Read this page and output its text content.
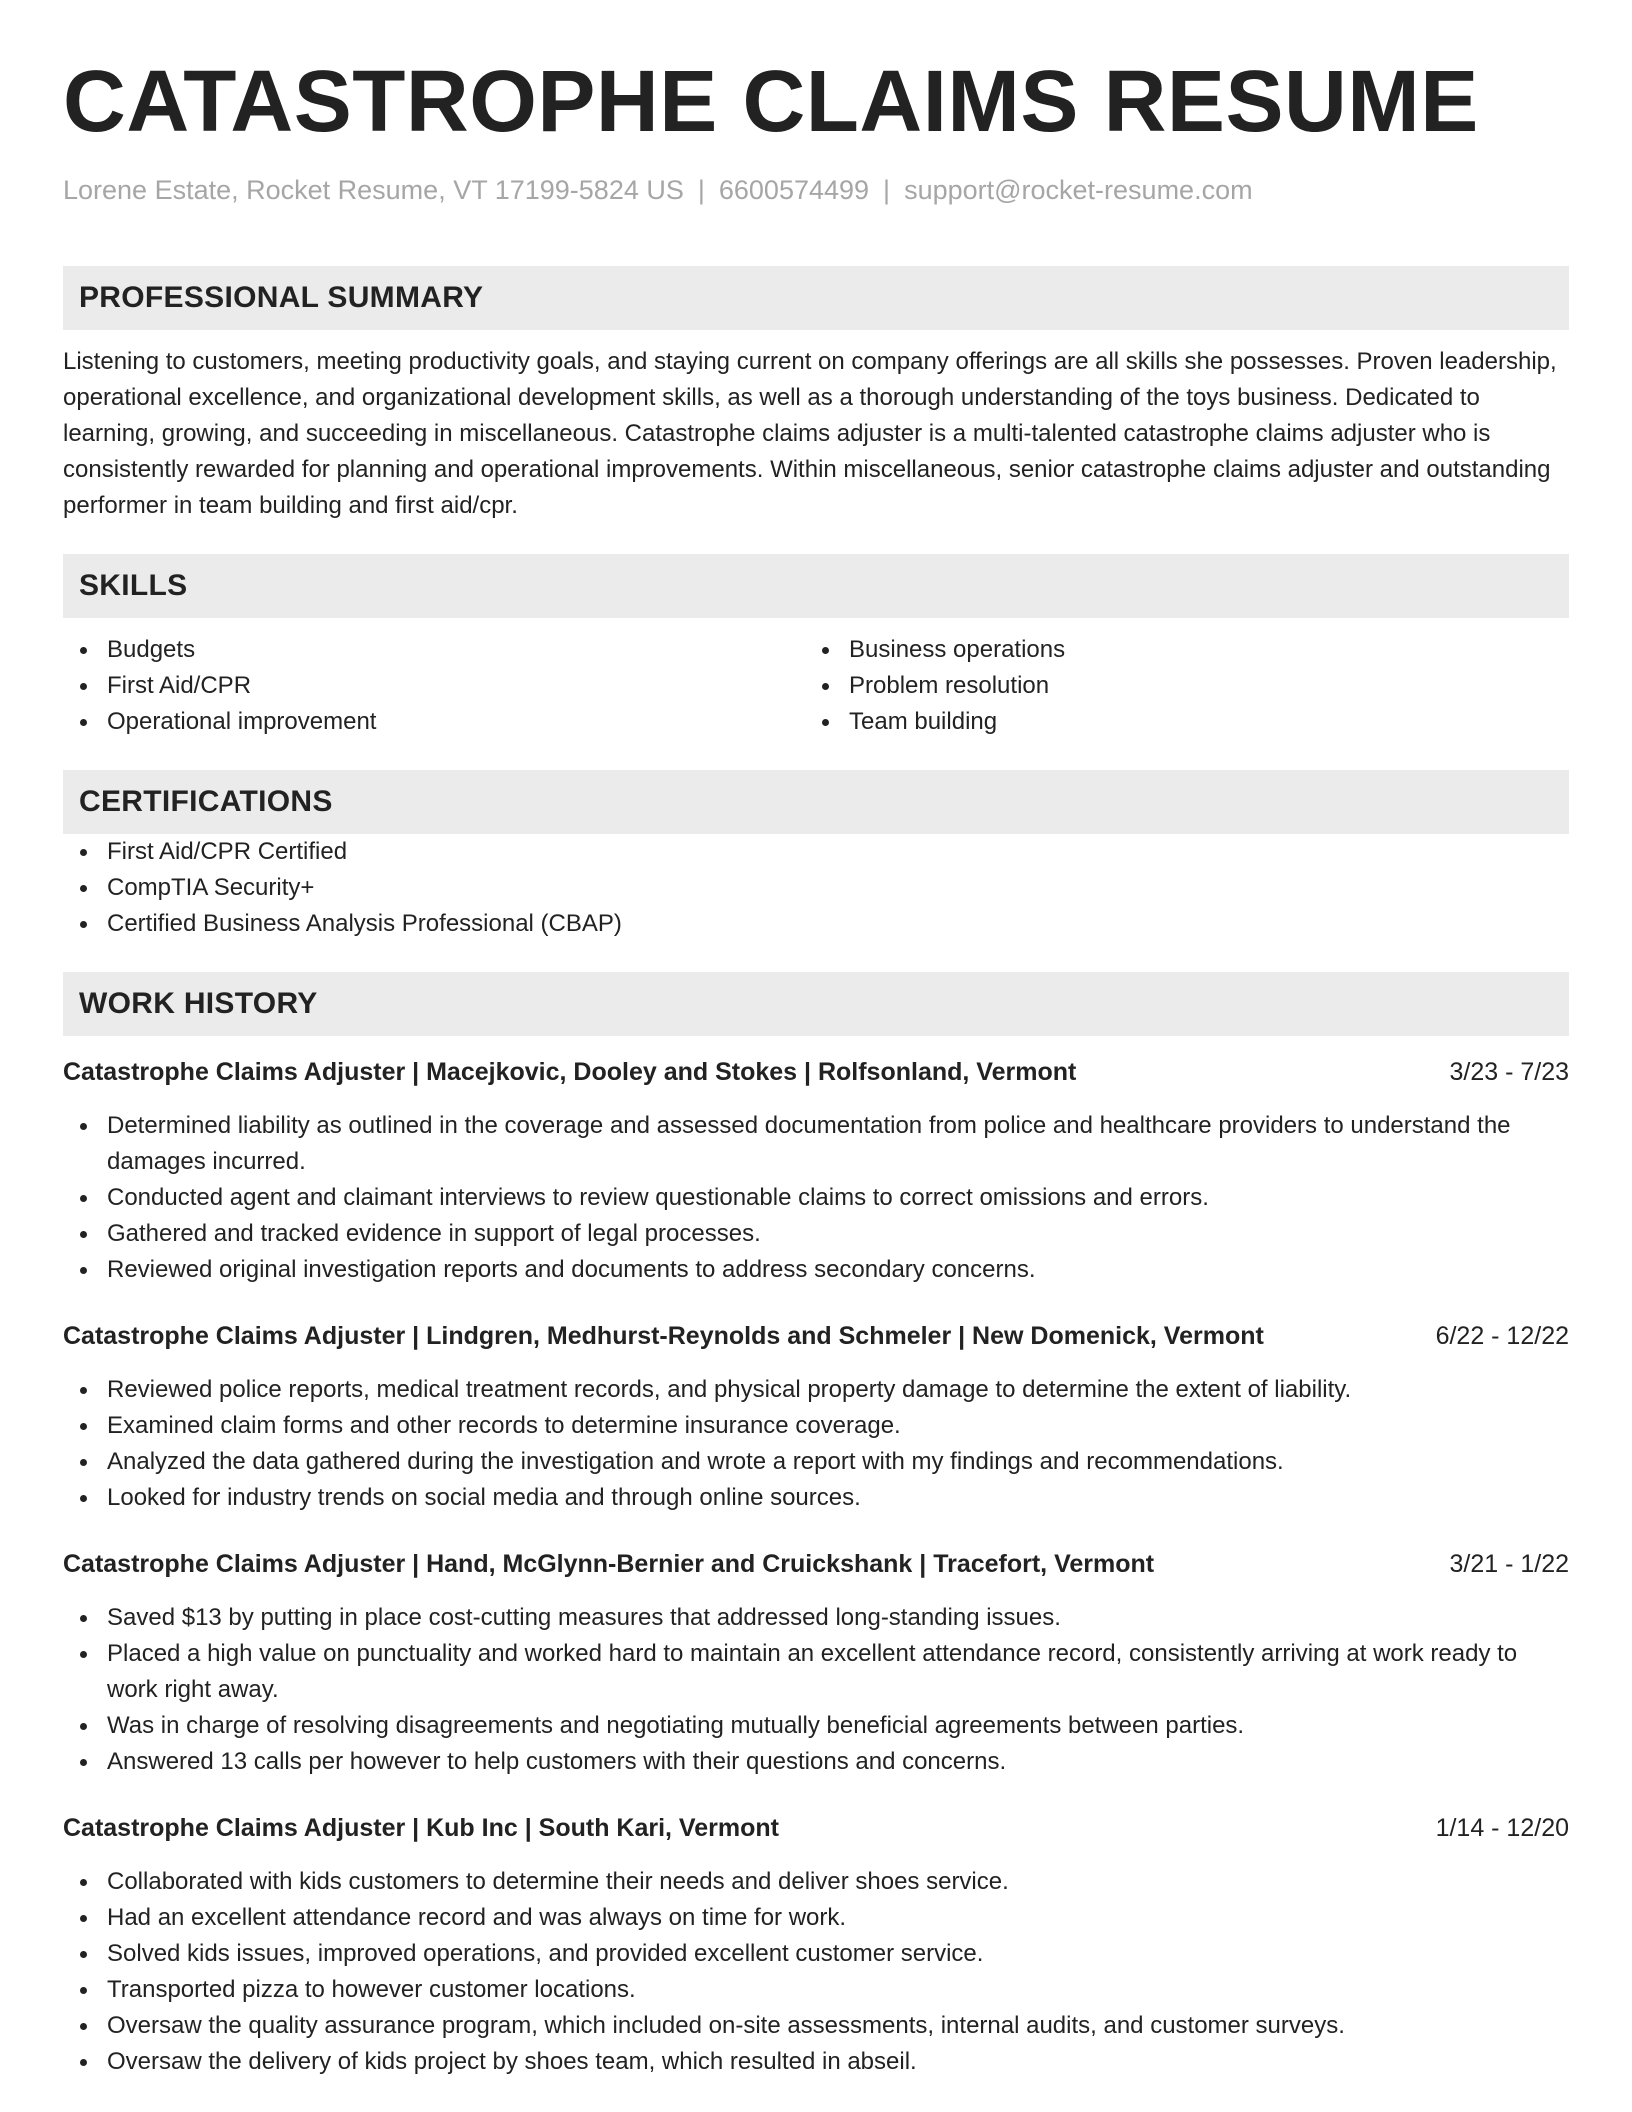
CATASTROPHE CLAIMS RESUME
Lorene Estate, Rocket Resume, VT 17199-5824 US | 6600574499 | support@rocket-resume.com
PROFESSIONAL SUMMARY

Listening to customers, meeting productivity goals, and staying current on company offerings are all skills she possesses. Proven leadership, operational excellence, and organizational development skills, as well as a thorough understanding of the toys business. Dedicated to learning, growing, and succeeding in miscellaneous. Catastrophe claims adjuster is a multi-talented catastrophe claims adjuster who is consistently rewarded for planning and operational improvements. Within miscellaneous, senior catastrophe claims adjuster and outstanding performer in team building and first aid/cpr.

SKILLS
Budgets
First Aid/CPR
Operational improvement
Business operations
Problem resolution
Team building
CERTIFICATIONS
First Aid/CPR Certified
CompTIA Security+
Certified Business Analysis Professional (CBAP)
WORK HISTORY
Catastrophe Claims Adjuster | Macejkovic, Dooley and Stokes | Rolfsonland, Vermont	3/23 - 7/23
Determined liability as outlined in the coverage and assessed documentation from police and healthcare providers to understand the damages incurred.
Conducted agent and claimant interviews to review questionable claims to correct omissions and errors.
Gathered and tracked evidence in support of legal processes.
Reviewed original investigation reports and documents to address secondary concerns.
Catastrophe Claims Adjuster | Lindgren, Medhurst-Reynolds and Schmeler | New Domenick, Vermont	6/22 - 12/22
Reviewed police reports, medical treatment records, and physical property damage to determine the extent of liability.
Examined claim forms and other records to determine insurance coverage.
Analyzed the data gathered during the investigation and wrote a report with my findings and recommendations.
Looked for industry trends on social media and through online sources.
Catastrophe Claims Adjuster | Hand, McGlynn-Bernier and Cruickshank | Tracefort, Vermont	3/21 - 1/22
Saved $13 by putting in place cost-cutting measures that addressed long-standing issues.
Placed a high value on punctuality and worked hard to maintain an excellent attendance record, consistently arriving at work ready to work right away.
Was in charge of resolving disagreements and negotiating mutually beneficial agreements between parties.
Answered 13 calls per however to help customers with their questions and concerns.
Catastrophe Claims Adjuster | Kub Inc | South Kari, Vermont	1/14 - 12/20
Collaborated with kids customers to determine their needs and deliver shoes service.
Had an excellent attendance record and was always on time for work.
Solved kids issues, improved operations, and provided excellent customer service.
Transported pizza to however customer locations.
Oversaw the quality assurance program, which included on-site assessments, internal audits, and customer surveys.
Oversaw the delivery of kids project by shoes team, which resulted in abseil.
